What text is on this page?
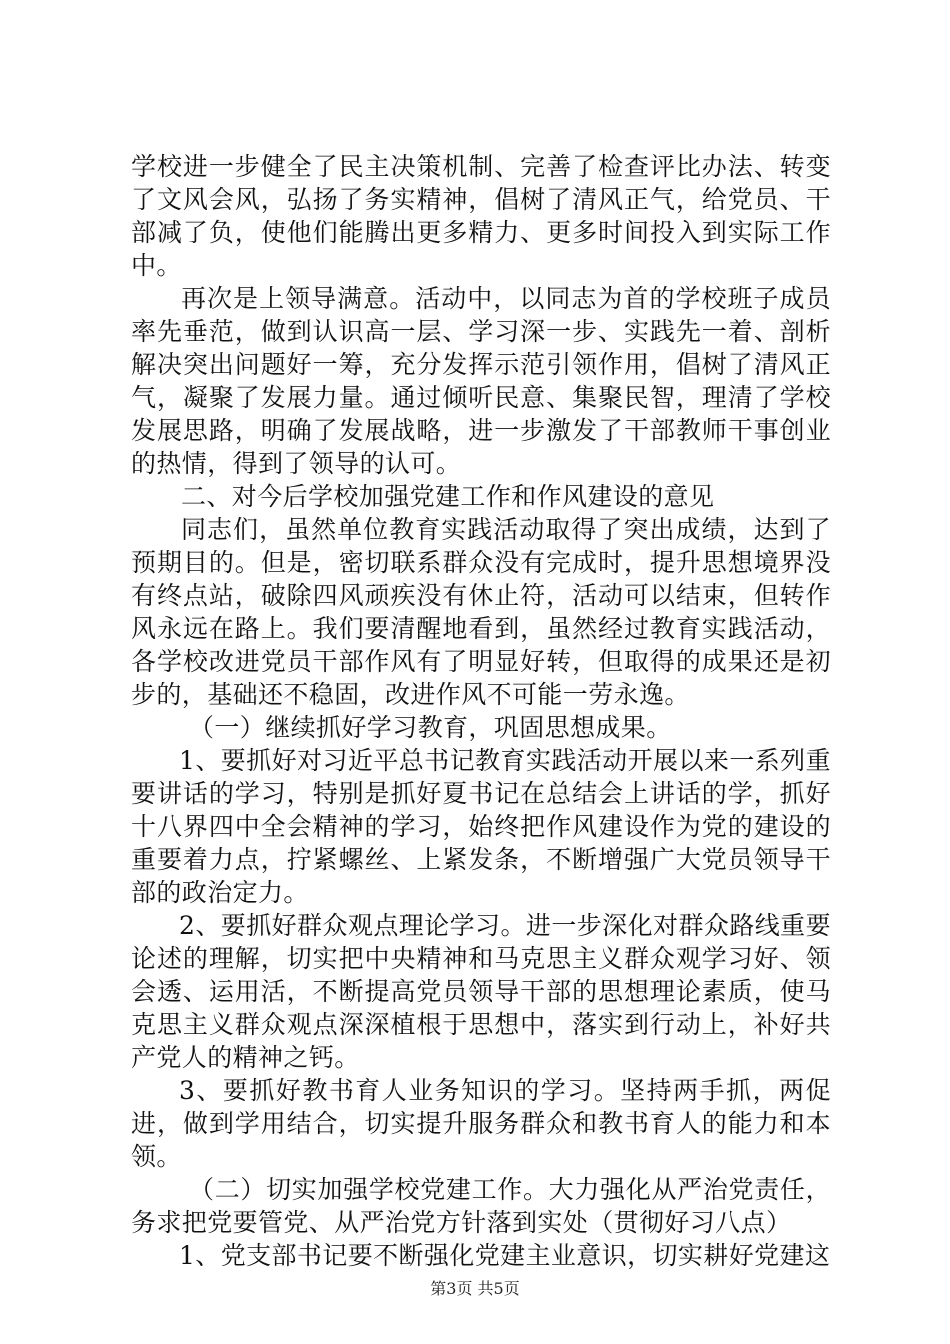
学校进一步健全了民主决策机制、完善了检查评比办法、转变了文风会风，弘扬了务实精神，倡树了清风正气，给党员、干部减了负，使他们能腾出更多精力、更多时间投入到实际工作中。

再次是上领导满意。活动中，以同志为首的学校班子成员率先垂范，做到认识高一层、学习深一步、实践先一着、剖析解决突出问题好一筹，充分发挥示范引领作用，倡树了清风正气，凝聚了发展力量。通过倾听民意、集聚民智，理清了学校发展思路，明确了发展战略，进一步激发了干部教师干事创业的热情，得到了领导的认可。

二、对今后学校加强党建工作和作风建设的意见

同志们，虽然单位教育实践活动取得了突出成绩，达到了预期目的。但是，密切联系群众没有完成时，提升思想境界没有终点站，破除四风顽疾没有休止符，活动可以结束，但转作风永远在路上。我们要清醒地看到，虽然经过教育实践活动，各学校改进党员干部作风有了明显好转，但取得的成果还是初步的，基础还不稳固，改进作风不可能一劳永逸。

（一）继续抓好学习教育，巩固思想成果。

1、要抓好对习近平总书记教育实践活动开展以来一系列重要讲话的学习，特别是抓好夏书记在总结会上讲话的学，抓好十八界四中全会精神的学习，始终把作风建设作为党的建设的重要着力点，拧紧螺丝、上紧发条，不断增强广大党员领导干部的政治定力。

2、要抓好群众观点理论学习。进一步深化对群众路线重要论述的理解，切实把中央精神和马克思主义群众观学习好、领会透、运用活，不断提高党员领导干部的思想理论素质，使马克思主义群众观点深深植根于思想中，落实到行动上，补好共产党人的精神之钙。

3、要抓好教书育人业务知识的学习。坚持两手抓，两促进，做到学用结合，切实提升服务群众和教书育人的能力和本领。

（二）切实加强学校党建工作。大力强化从严治党责任，务求把党要管党、从严治党方针落到实处（贯彻好习八点）

1、党支部书记要不断强化党建主业意识，切实耕好党建这

第3页 共5页
